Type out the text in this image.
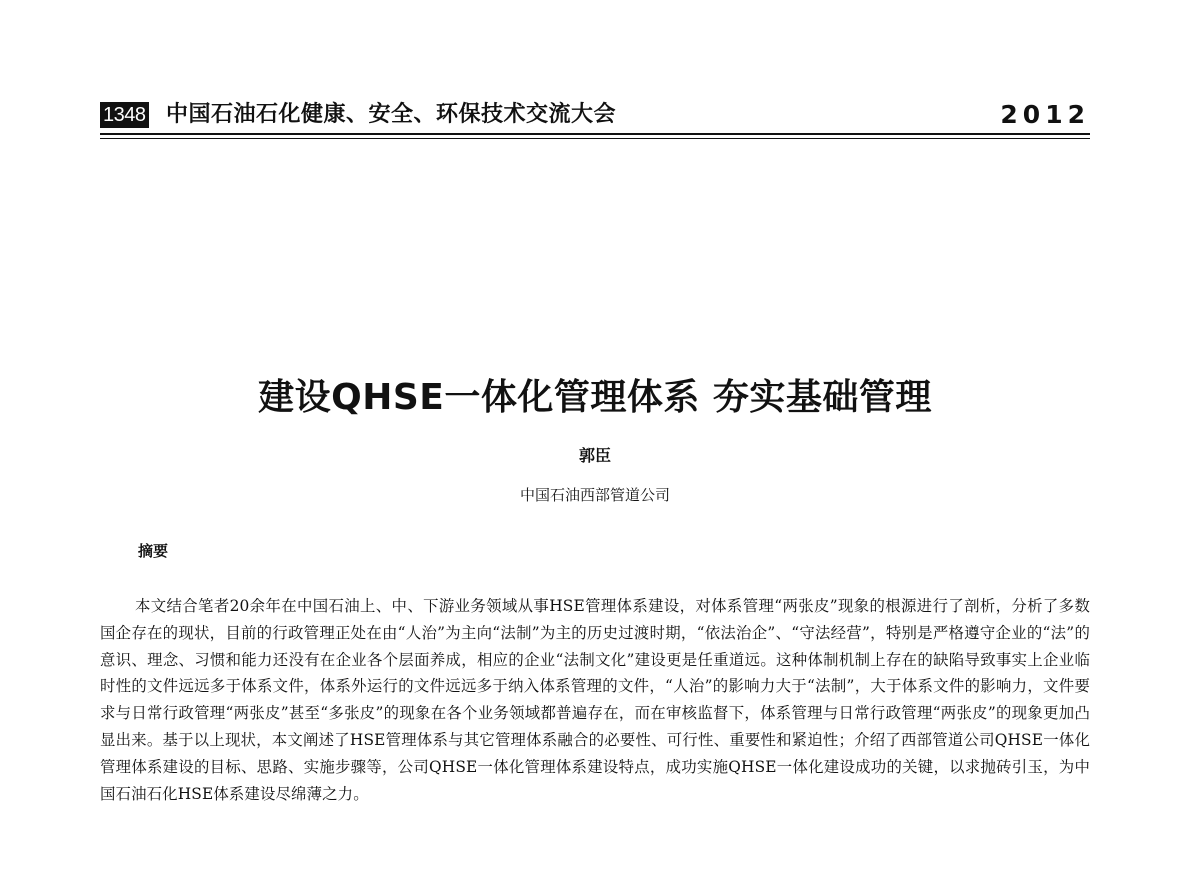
1348 中国石油石化健康、安全、环保技术交流大会	2012
建设QHSE一体化管理体系 夯实基础管理
郭臣
中国石油西部管道公司
摘要

本文结合笔者20余年在中国石油上、中、下游业务领域从事HSE管理体系建设，对体系管理“两张皮”现象的根源进行了剖析，分析了多数国企存在的现状，目前的行政管理正处在由“人治”为主向“法制”为主的历史过渡时期，“依法治企”、“守法经营”，特别是严格遵守企业的“法”的意识、理念、习惯和能力还没有在企业各个层面养成，相应的企业“法制文化”建设更是任重道远。这种体制机制上存在的缺陷导致事实上企业临时性的文件远远多于体系文件，体系外运行的文件远远多于纳入体系管理的文件，“人治”的影响力大于“法制”，大于体系文件的影响力，文件要求与日常行政管理“两张皮”甚至“多张皮”的现象在各个业务领域都普遍存在，而在审核监督下，体系管理与日常行政管理“两张皮”的现象更加凸显出来。基于以上现状，本文阐述了HSE管理体系与其它管理体系融合的必要性、可行性、重要性和紧迫性；介绍了西部管道公司QHSE一体化管理体系建设的目标、思路、实施步骤等，公司QHSE一体化管理体系建设特点，成功实施QHSE一体化建设成功的关键，以求抛砖引玉，为中国石油石化HSE体系建设尽绵薄之力。
